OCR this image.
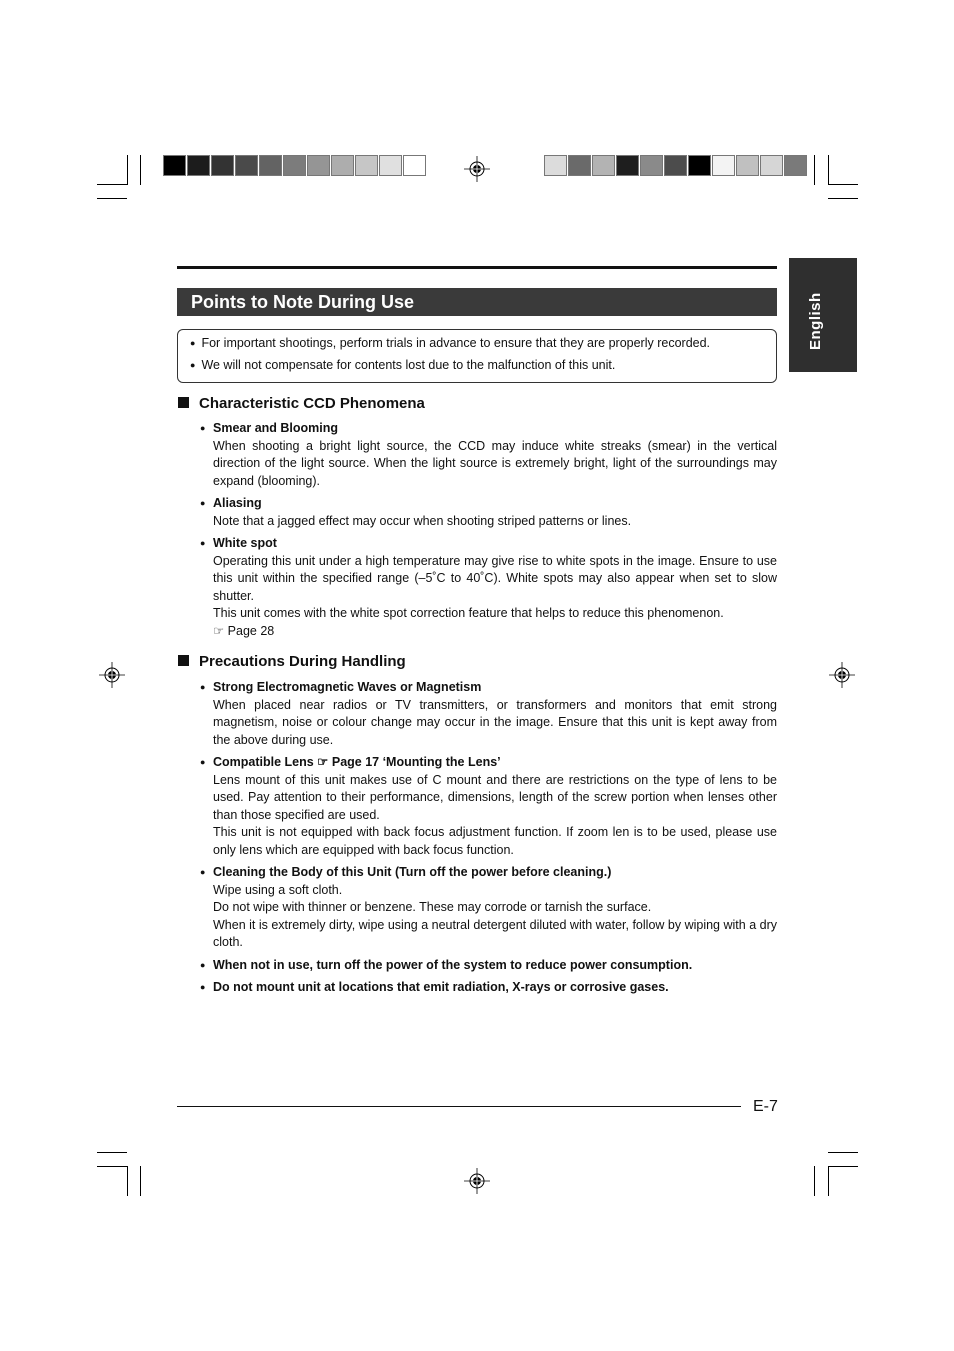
English
Points to Note During Use
● For important shootings, perform trials in advance to ensure that they are properly recorded.
● We will not compensate for contents lost due to the malfunction of this unit.
Characteristic CCD Phenomena
● Smear and Blooming

When shooting a bright light source, the CCD may induce white streaks (smear) in the vertical direction of the light source. When the light source is extremely bright, light of the surroundings may expand (blooming).

● Aliasing

Note that a jagged effect may occur when shooting striped patterns or lines.

● White spot

Operating this unit under a high temperature may give rise to white spots in the image. Ensure to use this unit within the specified range (–5˚C to 40˚C). White spots may also appear when set to slow shutter.

This unit comes with the white spot correction feature that helps to reduce this phenomenon.

☞ Page 28

Precautions During Handling
● Strong Electromagnetic Waves or Magnetism

When placed near radios or TV transmitters, or transformers and monitors that emit strong magnetism, noise or colour change may occur in the image. Ensure that this unit is kept away from the above during use.

● Compatible Lens ☞ Page 17 ‘Mounting the Lens’

Lens mount of this unit makes use of C mount and there are restrictions on the type of lens to be used. Pay attention to their performance, dimensions, length of the screw portion when lenses other than those specified are used.

This unit is not equipped with back focus adjustment function. If zoom len is to be used, please use only lens which are equipped with back focus function.

● Cleaning the Body of this Unit (Turn off the power before cleaning.)

Wipe using a soft cloth.

Do not wipe with thinner or benzene. These may corrode or tarnish the surface.

When it is extremely dirty, wipe using a neutral detergent diluted with water, follow by wiping with a dry cloth.

● When not in use, turn off the power of the system to reduce power consumption.
● Do not mount unit at locations that emit radiation, X-rays or corrosive gases.
E-7
